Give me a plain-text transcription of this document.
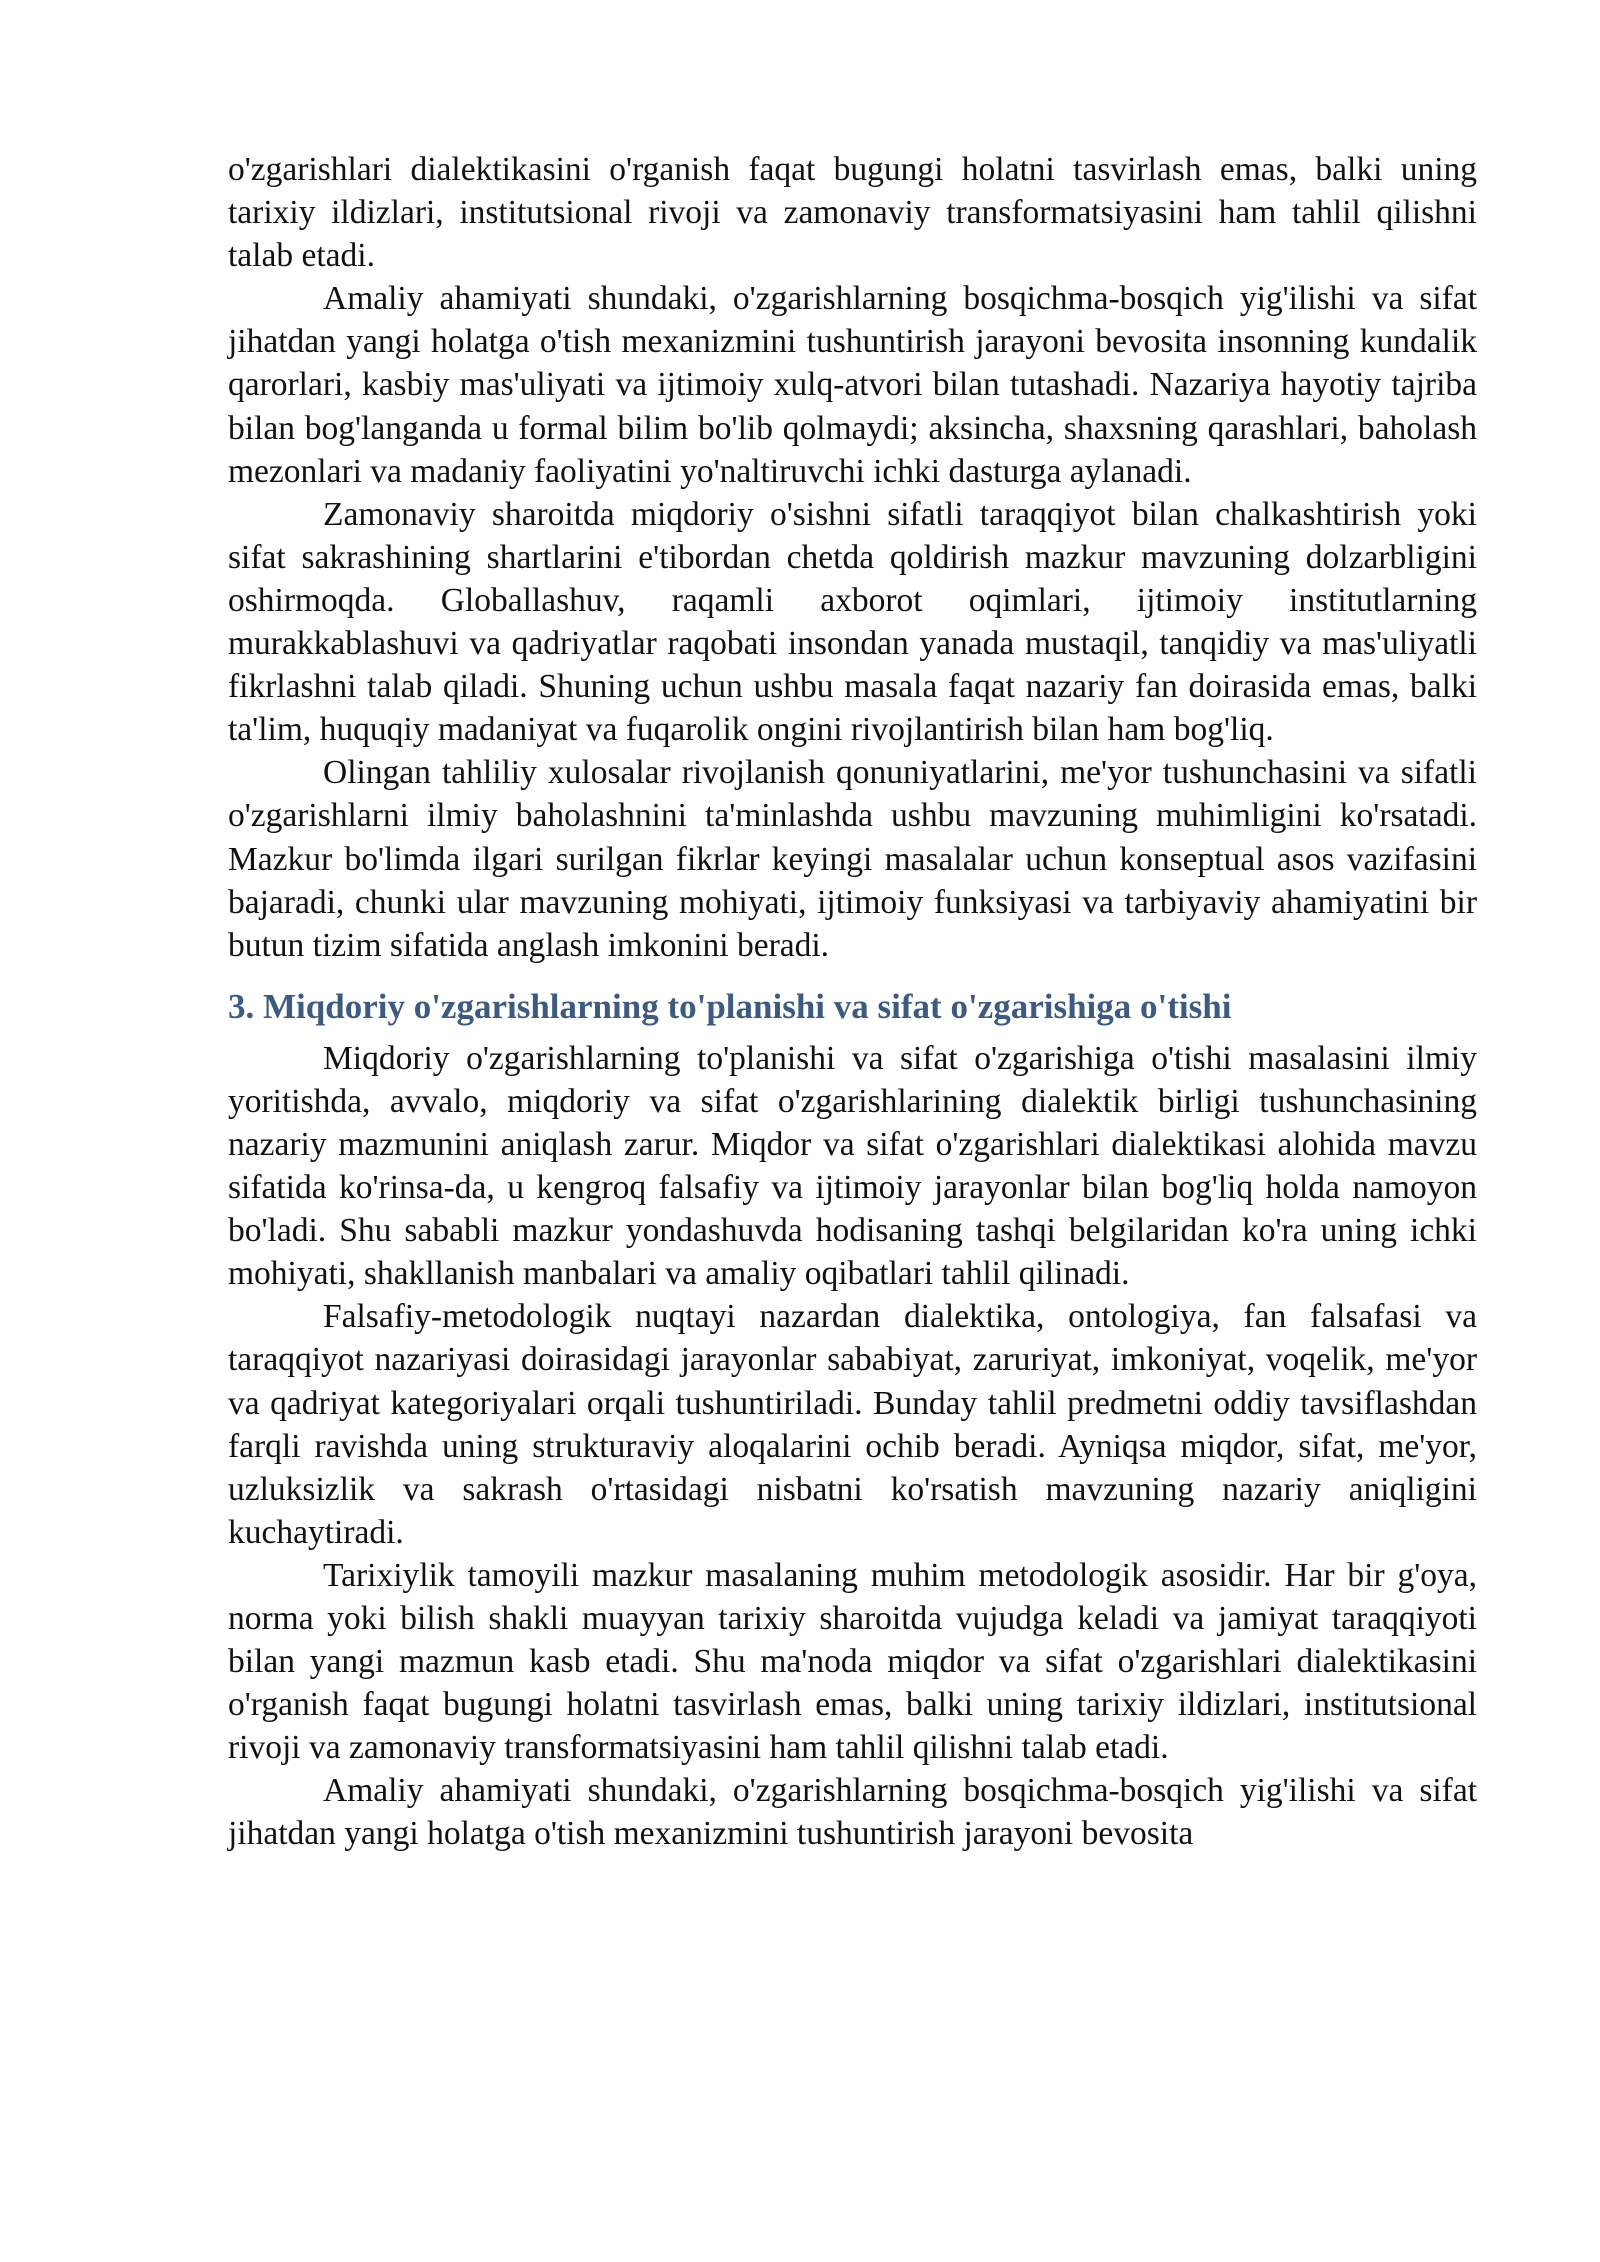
o'zgarishlari dialektikasini o'rganish faqat bugungi holatni tasvirlash emas, balki uning tarixiy ildizlari, institutsional rivoji va zamonaviy transformatsiyasini ham tahlil qilishni talab etadi.

Amaliy ahamiyati shundaki, o'zgarishlarning bosqichma-bosqich yig'ilishi va sifat jihatdan yangi holatga o'tish mexanizmini tushuntirish jarayoni bevosita insonning kundalik qarorlari, kasbiy mas'uliyati va ijtimoiy xulq-atvori bilan tutashadi. Nazariya hayotiy tajriba bilan bog'langanda u formal bilim bo'lib qolmaydi; aksincha, shaxsning qarashlari, baholash mezonlari va madaniy faoliyatini yo'naltiruvchi ichki dasturga aylanadi.

Zamonaviy sharoitda miqdoriy o'sishni sifatli taraqqiyot bilan chalkashtirish yoki sifat sakrashining shartlarini e'tibordan chetda qoldirish mazkur mavzuning dolzarbligini oshirmoqda. Globallashuv, raqamli axborot oqimlari, ijtimoiy institutlarning murakkablashuvi va qadriyatlar raqobati insondan yanada mustaqil, tanqidiy va mas'uliyatli fikrlashni talab qiladi. Shuning uchun ushbu masala faqat nazariy fan doirasida emas, balki ta'lim, huquqiy madaniyat va fuqarolik ongini rivojlantirish bilan ham bog'liq.

Olingan tahliliy xulosalar rivojlanish qonuniyatlarini, me'yor tushunchasini va sifatli o'zgarishlarni ilmiy baholashnini ta'minlashda ushbu mavzuning muhimligini ko'rsatadi. Mazkur bo'limda ilgari surilgan fikrlar keyingi masalalar uchun konseptual asos vazifasini bajaradi, chunki ular mavzuning mohiyati, ijtimoiy funksiyasi va tarbiyaviy ahamiyatini bir butun tizim sifatida anglash imkonini beradi.

3. Miqdoriy o'zgarishlarning to'planishi va sifat o'zgarishiga o'tishi

Miqdoriy o'zgarishlarning to'planishi va sifat o'zgarishiga o'tishi masalasini ilmiy yoritishda, avvalo, miqdoriy va sifat o'zgarishlarining dialektik birligi tushunchasining nazariy mazmunini aniqlash zarur. Miqdor va sifat o'zgarishlari dialektikasi alohida mavzu sifatida ko'rinsa-da, u kengroq falsafiy va ijtimoiy jarayonlar bilan bog'liq holda namoyon bo'ladi. Shu sababli mazkur yondashuvda hodisaning tashqi belgilaridan ko'ra uning ichki mohiyati, shakllanish manbalari va amaliy oqibatlari tahlil qilinadi.

Falsafiy-metodologik nuqtayi nazardan dialektika, ontologiya, fan falsafasi va taraqqiyot nazariyasi doirasidagi jarayonlar sababiyat, zaruriyat, imkoniyat, voqelik, me'yor va qadriyat kategoriyalari orqali tushuntiriladi. Bunday tahlil predmetni oddiy tavsiflashdan farqli ravishda uning strukturaviy aloqalarini ochib beradi. Ayniqsa miqdor, sifat, me'yor, uzluksizlik va sakrash o'rtasidagi nisbatni ko'rsatish mavzuning nazariy aniqligini kuchaytiradi.

Tarixiylik tamoyili mazkur masalaning muhim metodologik asosidir. Har bir g'oya, norma yoki bilish shakli muayyan tarixiy sharoitda vujudga keladi va jamiyat taraqqiyoti bilan yangi mazmun kasb etadi. Shu ma'noda miqdor va sifat o'zgarishlari dialektikasini o'rganish faqat bugungi holatni tasvirlash emas, balki uning tarixiy ildizlari, institutsional rivoji va zamonaviy transformatsiyasini ham tahlil qilishni talab etadi.

Amaliy ahamiyati shundaki, o'zgarishlarning bosqichma-bosqich yig'ilishi va sifat jihatdan yangi holatga o'tish mexanizmini tushuntirish jarayoni bevosita
